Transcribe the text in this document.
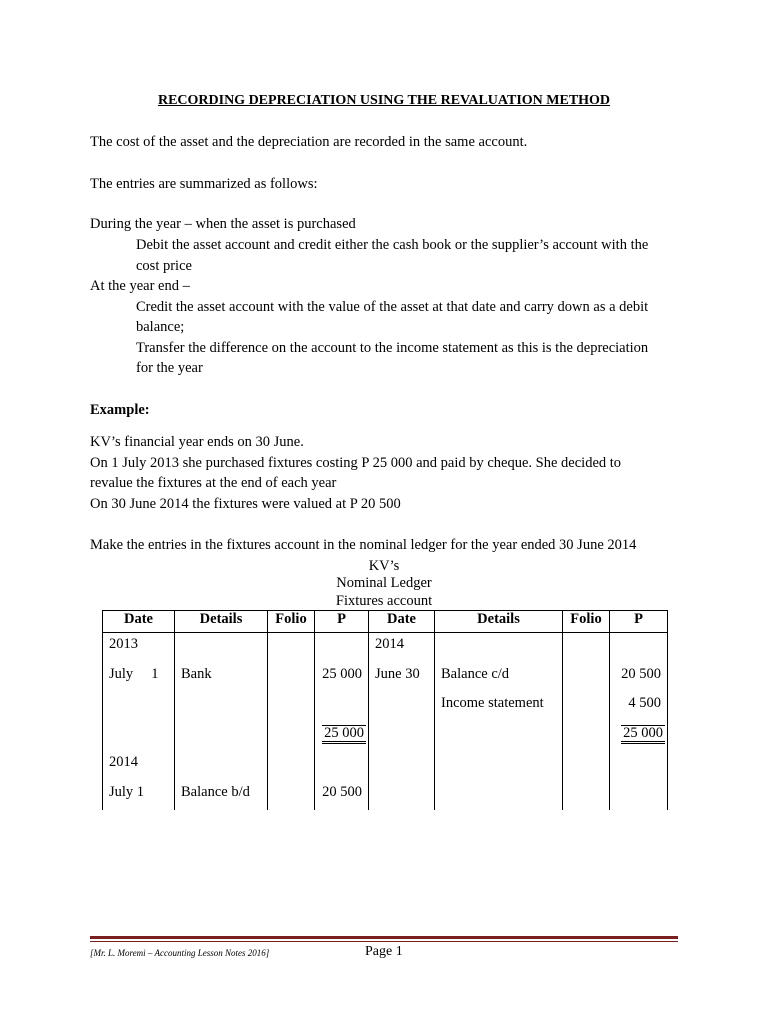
RECORDING DEPRECIATION USING THE REVALUATION METHOD
The cost of the asset and the depreciation are recorded in the same account.
The entries are summarized as follows:
During the year – when the asset is purchased
Debit the asset account and credit either the cash book or the supplier’s account with the
cost price
At the year end –
Credit the asset account with the value of the asset at that date and carry down as a debit
balance;
Transfer the difference on the account to the income statement as this is the depreciation
for the year
Example:
KV’s financial year ends on 30 June.
On 1 July 2013 she purchased fixtures costing P 25 000 and paid by cheque. She decided to
revalue the fixtures at the end of each year
On 30 June 2014 the fixtures were valued at P 20 500
Make the entries in the fixtures account in the nominal ledger for the year ended 30 June 2014
KV’s
Nominal Ledger
Fixtures account
Date	Details	Folio	P	Date	Details	Folio	P
2013				2014			
July     1	Bank		25 000	June 30	Balance c/d		20 500
					Income statement		4 500
			25 000				25 000
2014							
July 1	Balance b/d		20 500				
[Mr. L. Moremi – Accounting Lesson Notes 2016]	Page 1
